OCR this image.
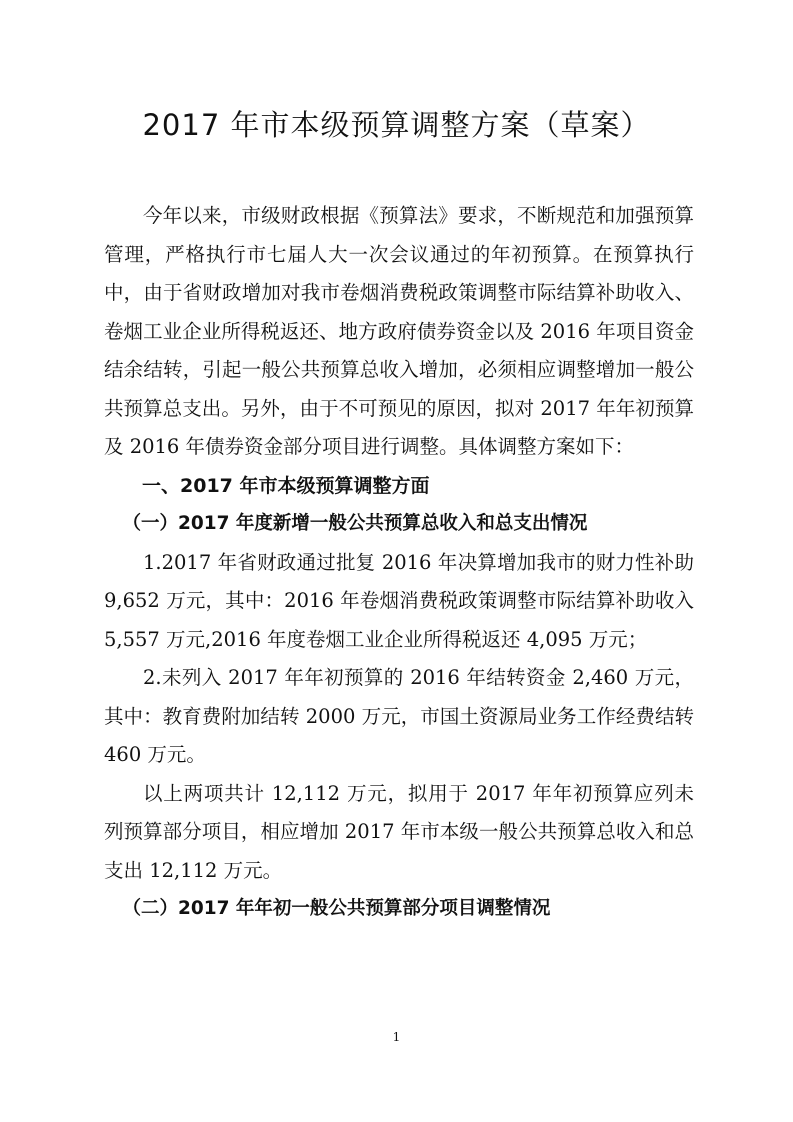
2017 年市本级预算调整方案（草案）

今年以来，市级财政根据《预算法》要求，不断规范和加强预算管理，严格执行市七届人大一次会议通过的年初预算。在预算执行中，由于省财政增加对我市卷烟消费税政策调整市际结算补助收入、卷烟工业企业所得税返还、地方政府债券资金以及 2016 年项目资金结余结转，引起一般公共预算总收入增加，必须相应调整增加一般公共预算总支出。另外，由于不可预见的原因，拟对 2017 年年初预算及 2016 年债券资金部分项目进行调整。具体调整方案如下：

一、2017 年市本级预算调整方面

（一）2017 年度新增一般公共预算总收入和总支出情况

1.2017 年省财政通过批复 2016 年决算增加我市的财力性补助 9,652 万元，其中：2016 年卷烟消费税政策调整市际结算补助收入 5,557 万元,2016 年度卷烟工业企业所得税返还 4,095 万元；

2.未列入 2017 年年初预算的 2016 年结转资金 2,460 万元，其中：教育费附加结转 2000 万元，市国土资源局业务工作经费结转 460 万元。

以上两项共计 12,112 万元，拟用于 2017 年年初预算应列未列预算部分项目，相应增加 2017 年市本级一般公共预算总收入和总支出 12,112 万元。

（二）2017 年年初一般公共预算部分项目调整情况

1
